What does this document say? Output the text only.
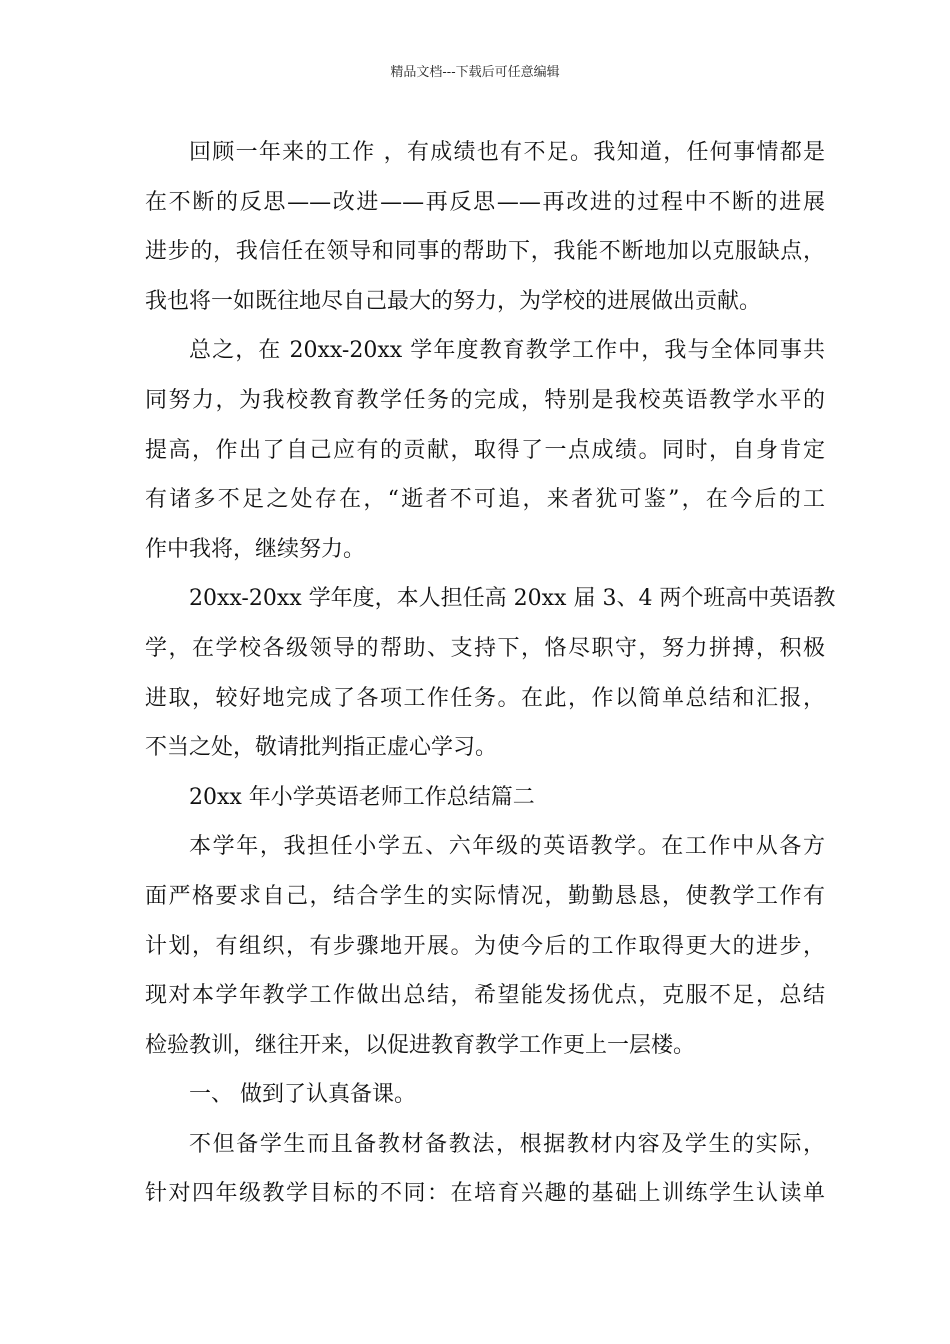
精品文档---下载后可任意编辑
回顾一年来的工作 ，有成绩也有不足。我知道，任何事情都是
在不断的反思——改进——再反思——再改进的过程中不断的进展
进步的，我信任在领导和同事的帮助下，我能不断地加以克服缺点，
我也将一如既往地尽自己最大的努力，为学校的进展做出贡献。
总之，在 20xx-20xx 学年度教育教学工作中，我与全体同事共
同努力，为我校教育教学任务的完成，特别是我校英语教学水平的
提高，作出了自己应有的贡献，取得了一点成绩。同时，自身肯定
有诸多不足之处存在，“逝者不可追，来者犹可鉴”，在今后的工
作中我将，继续努力。
20xx-20xx 学年度，本人担任高 20xx 届 3、4 两个班高中英语教
学，在学校各级领导的帮助、支持下，恪尽职守，努力拼搏，积极
进取，较好地完成了各项工作任务。在此，作以简单总结和汇报，
不当之处，敬请批判指正虚心学习。
20xx 年小学英语老师工作总结篇二
本学年，我担任小学五、六年级的英语教学。在工作中从各方
面严格要求自己，结合学生的实际情况，勤勤恳恳，使教学工作有
计划，有组织，有步骤地开展。为使今后的工作取得更大的进步，
现对本学年教学工作做出总结，希望能发扬优点，克服不足，总结
检验教训，继往开来，以促进教育教学工作更上一层楼。
一、 做到了认真备课。
不但备学生而且备教材备教法，根据教材内容及学生的实际，
针对四年级教学目标的不同：在培育兴趣的基础上训练学生认读单
